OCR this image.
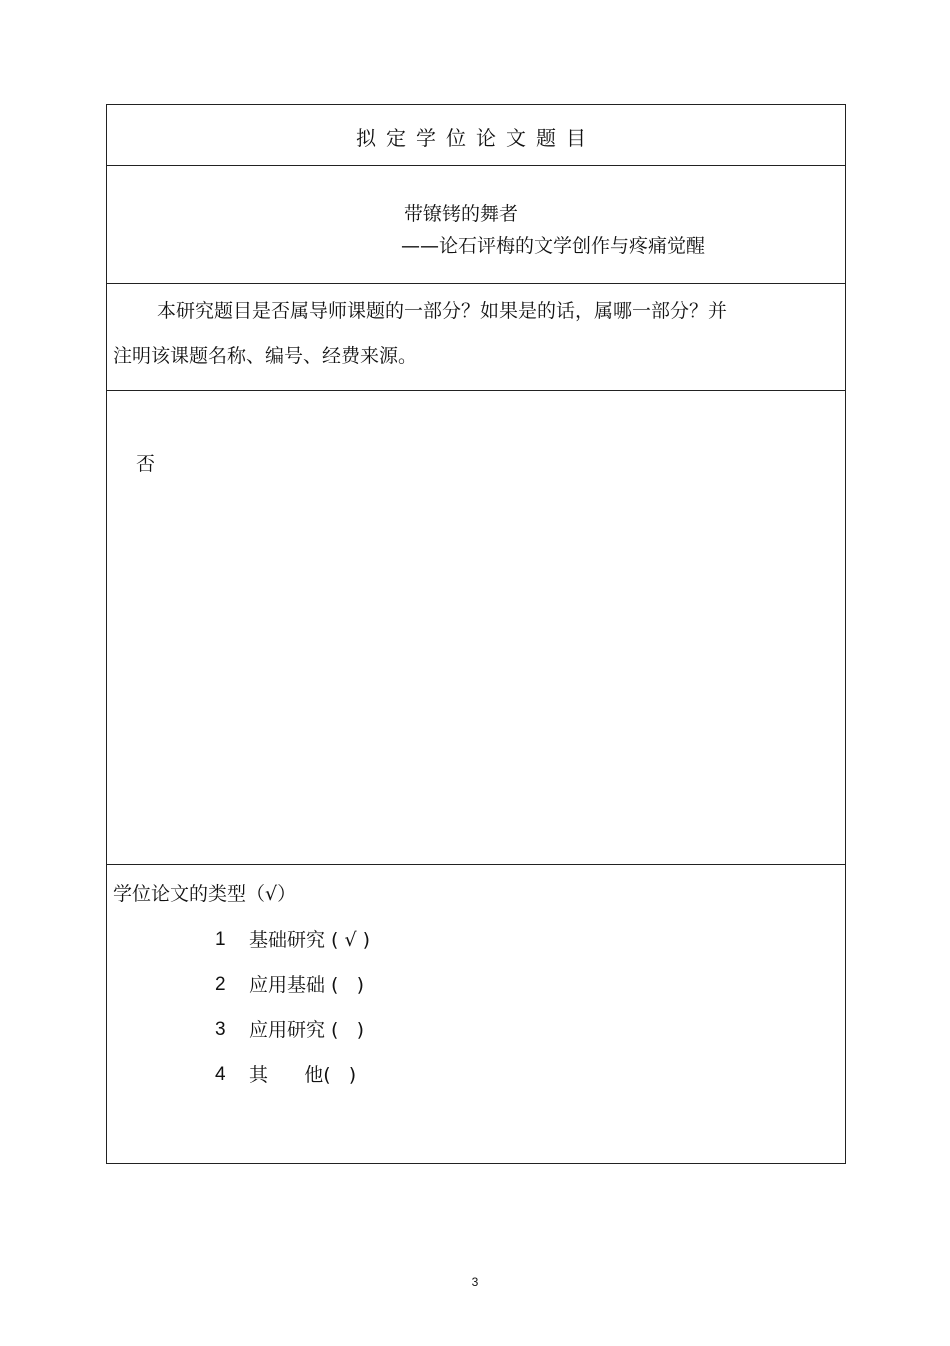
拟定学位论文题目
带镣铐的舞者
——论石评梅的文学创作与疼痛觉醒
本研究题目是否属导师课题的一部分？如果是的话，属哪一部分？并
注明该课题名称、编号、经费来源。
否
学位论文的类型（√）
1	基础研究 ( √ )
2	应用基础 (   )
3	应用研究 (   )
4	其      他(   )
3
